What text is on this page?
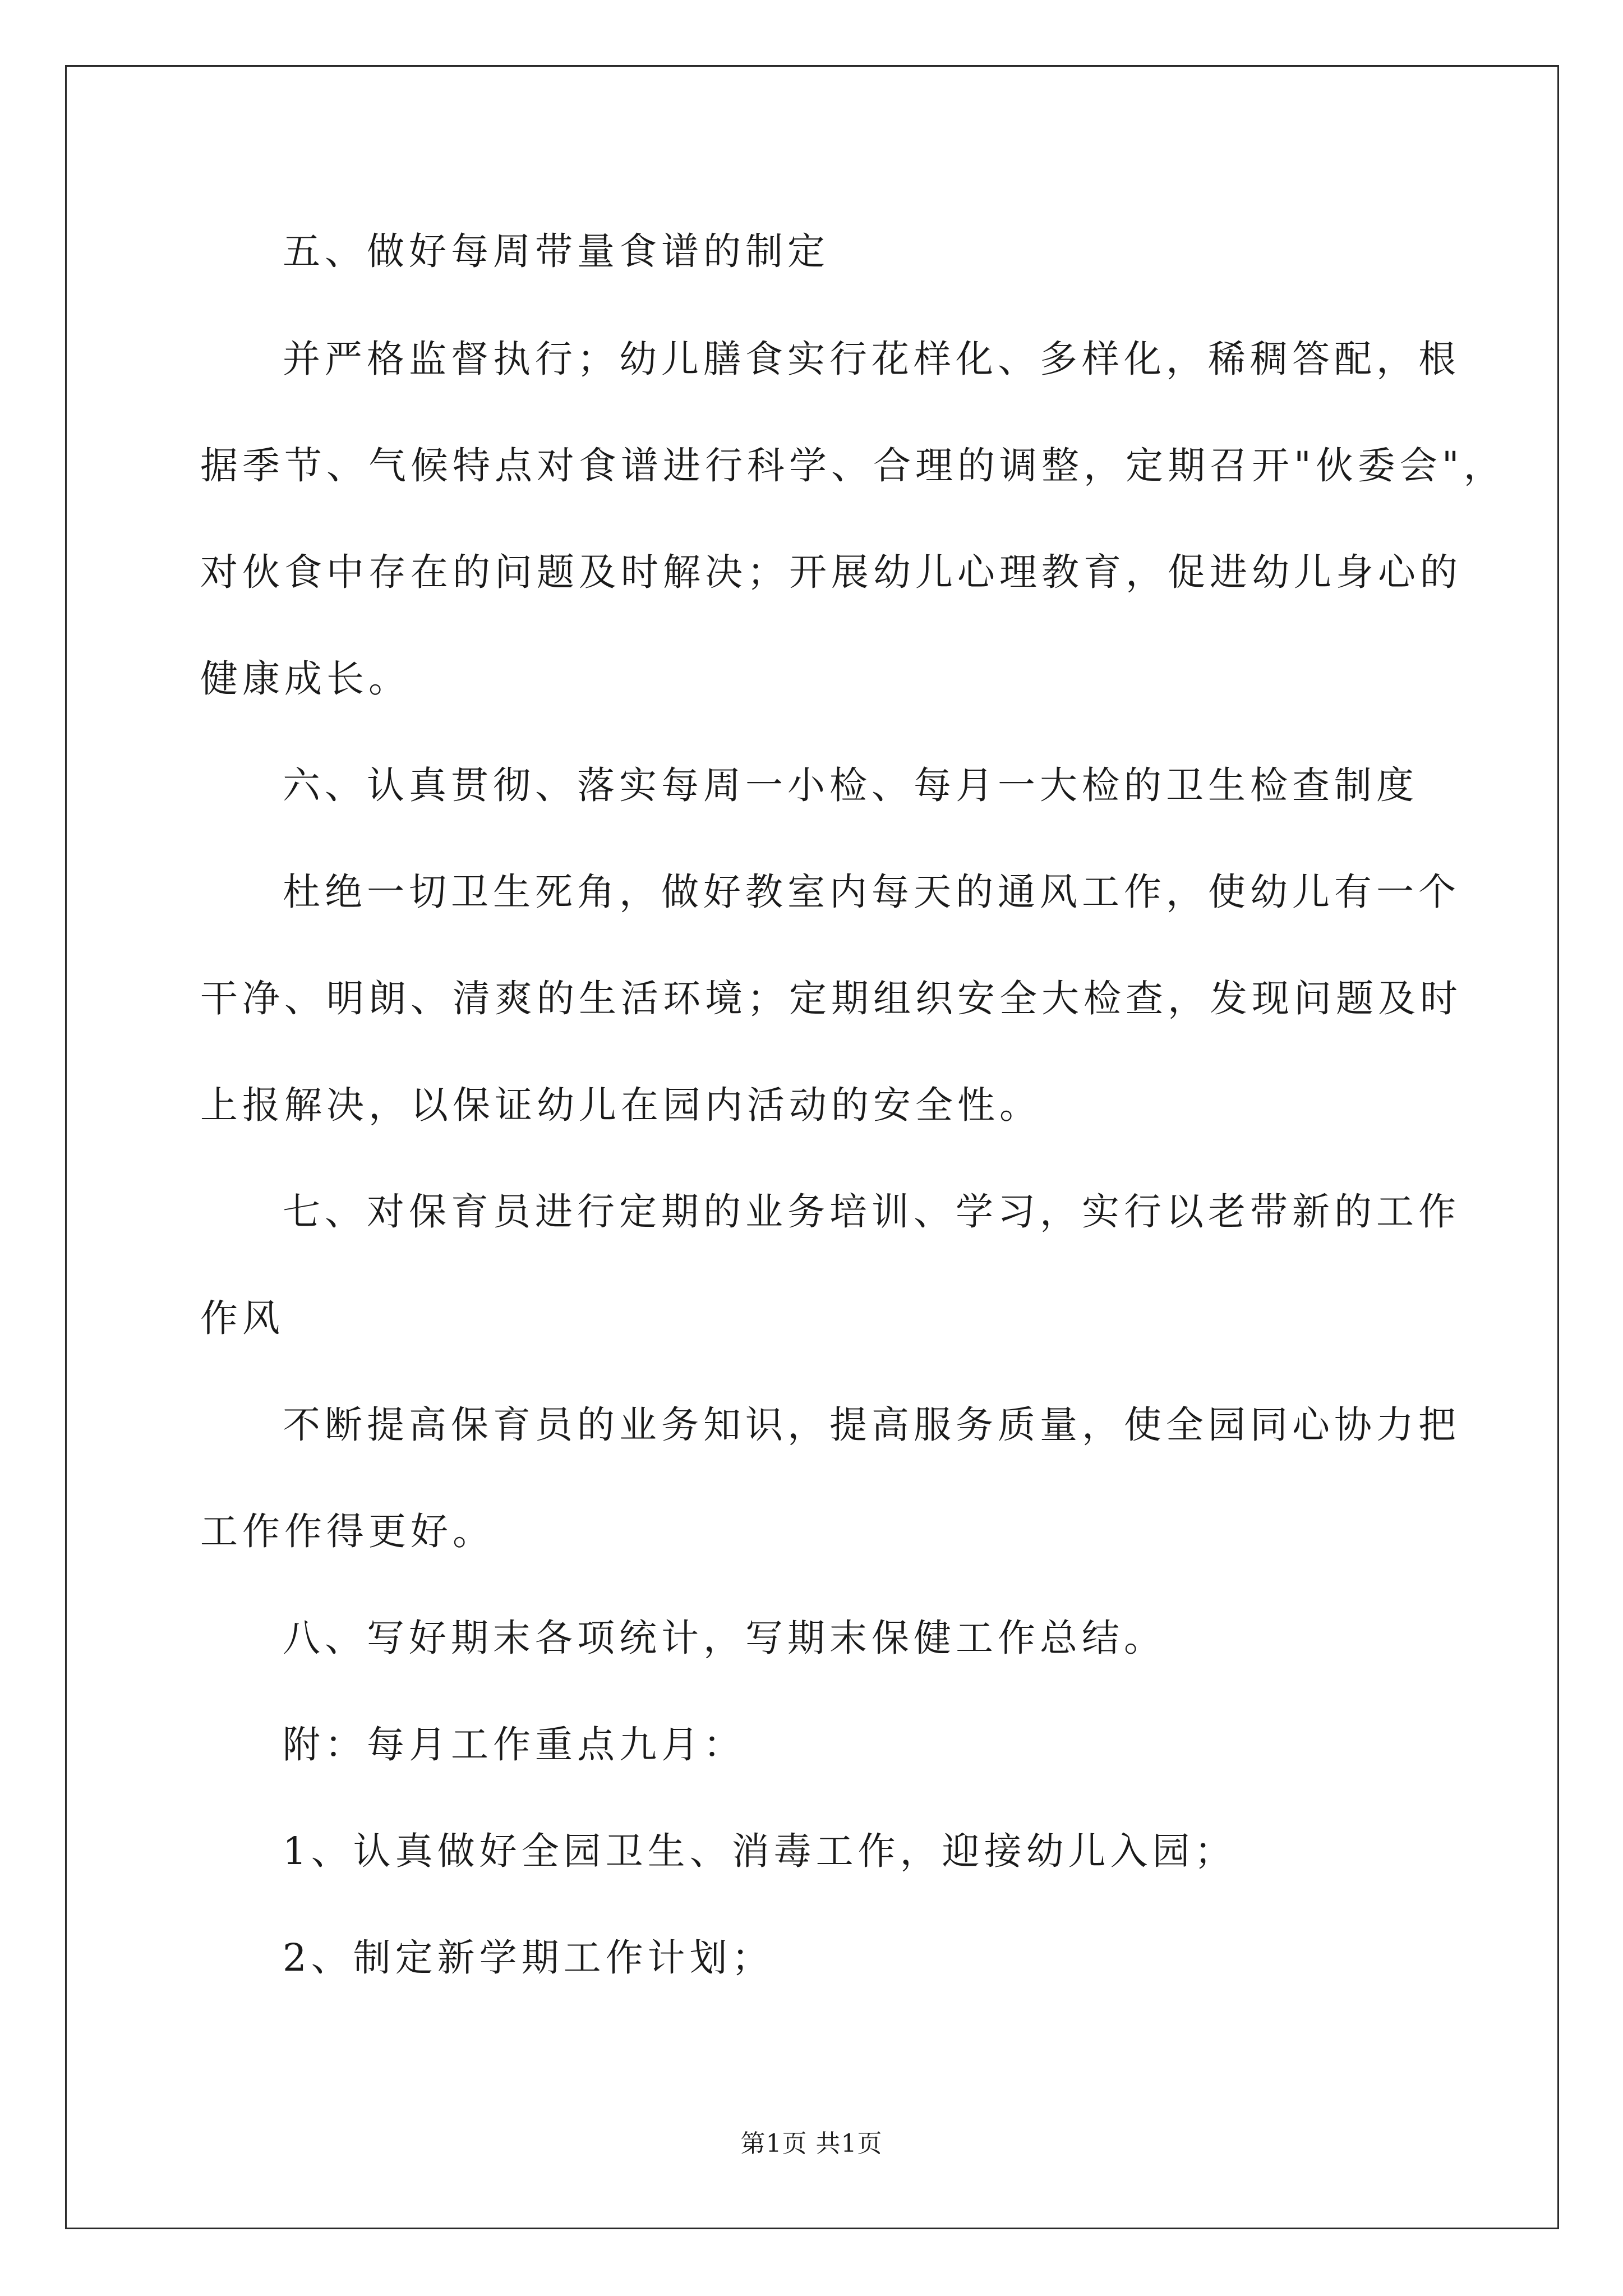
五、做好每周带量食谱的制定
并严格监督执行；幼儿膳食实行花样化、多样化，稀稠答配，根
据季节、气候特点对食谱进行科学、合理的调整，定期召开"伙委会"，
对伙食中存在的问题及时解决；开展幼儿心理教育，促进幼儿身心的
健康成长。
六、认真贯彻、落实每周一小检、每月一大检的卫生检查制度
杜绝一切卫生死角，做好教室内每天的通风工作，使幼儿有一个
干净、明朗、清爽的生活环境；定期组织安全大检查，发现问题及时
上报解决，以保证幼儿在园内活动的安全性。
七、对保育员进行定期的业务培训、学习，实行以老带新的工作
作风
不断提高保育员的业务知识，提高服务质量，使全园同心协力把
工作作得更好。
八、写好期末各项统计，写期末保健工作总结。
附：每月工作重点九月：
1、认真做好全园卫生、消毒工作，迎接幼儿入园；
2、制定新学期工作计划；
第1页 共1页
